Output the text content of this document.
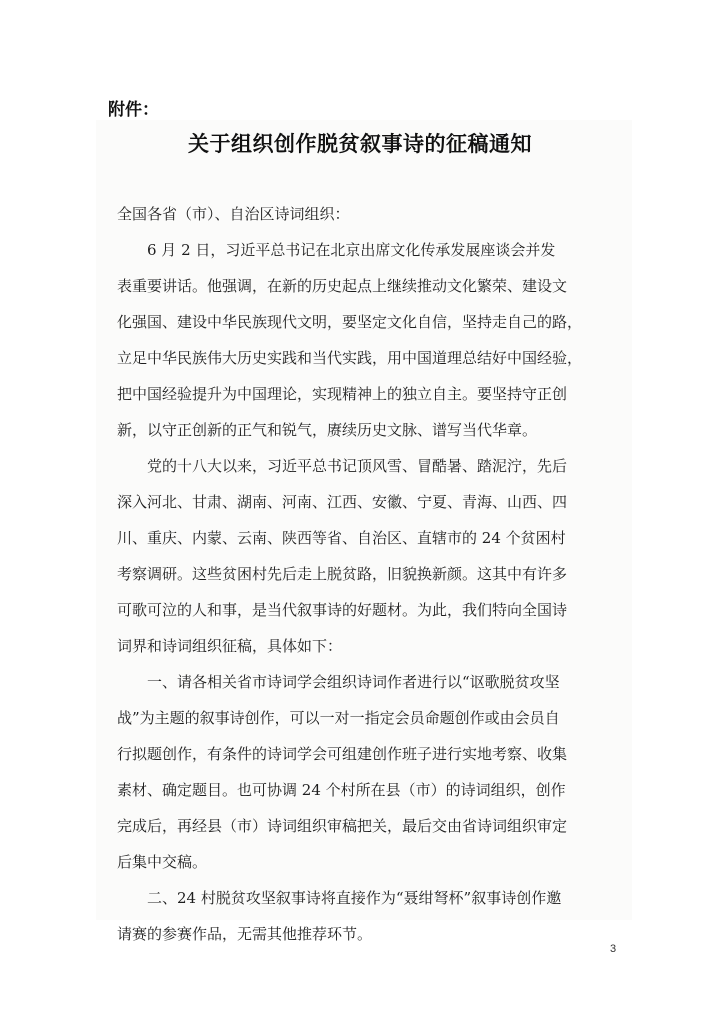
附件：
关于组织创作脱贫叙事诗的征稿通知
全国各省（市）、自治区诗词组织：
　　6 月 2 日，习近平总书记在北京出席文化传承发展座谈会并发
表重要讲话。他强调，在新的历史起点上继续推动文化繁荣、建设文
化强国、建设中华民族现代文明，要坚定文化自信，坚持走自己的路，
立足中华民族伟大历史实践和当代实践，用中国道理总结好中国经验，
把中国经验提升为中国理论，实现精神上的独立自主。要坚持守正创
新，以守正创新的正气和锐气，赓续历史文脉、谱写当代华章。
　　党的十八大以来，习近平总书记顶风雪、冒酷暑、踏泥泞，先后
深入河北、甘肃、湖南、河南、江西、安徽、宁夏、青海、山西、四
川、重庆、内蒙、云南、陕西等省、自治区、直辖市的 24 个贫困村
考察调研。这些贫困村先后走上脱贫路，旧貌换新颜。这其中有许多
可歌可泣的人和事，是当代叙事诗的好题材。为此，我们特向全国诗
词界和诗词组织征稿，具体如下：
　　一、请各相关省市诗词学会组织诗词作者进行以“讴歌脱贫攻坚
战”为主题的叙事诗创作，可以一对一指定会员命题创作或由会员自
行拟题创作，有条件的诗词学会可组建创作班子进行实地考察、收集
素材、确定题目。也可协调 24 个村所在县（市）的诗词组织，创作
完成后，再经县（市）诗词组织审稿把关，最后交由省诗词组织审定
后集中交稿。
　　二、24 村脱贫攻坚叙事诗将直接作为“聂绀弩杯”叙事诗创作邀
请赛的参赛作品，无需其他推荐环节。
3
